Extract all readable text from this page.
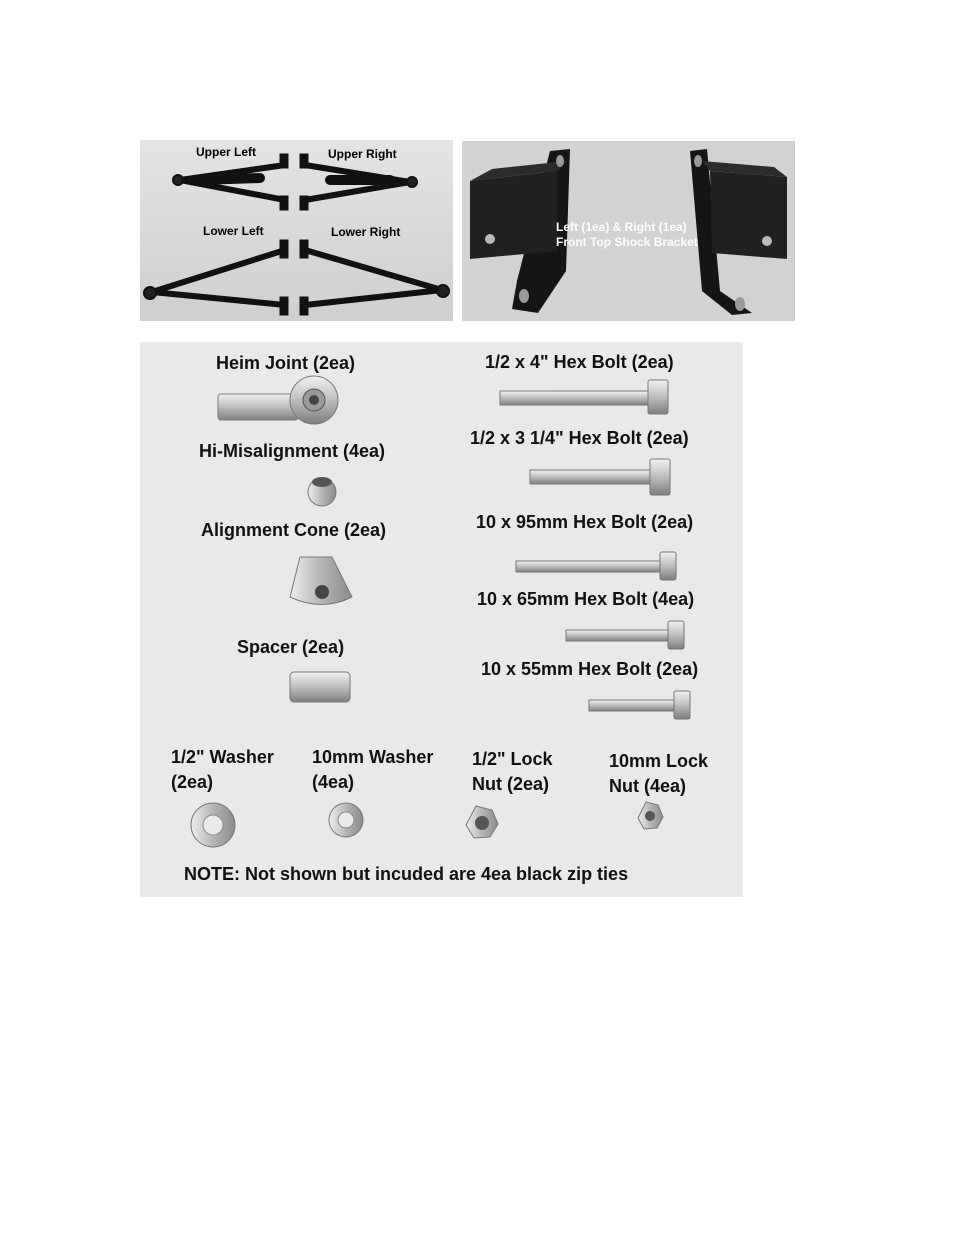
Upper Left	Upper Right
Lower Left	Lower Right	Left (1ea) & Right (1ea)
Front Top Shock Bracket
Heim Joint (2ea)
Hi-Misalignment (4ea)
Alignment Cone (2ea)
Spacer (2ea)
1/2 x 4" Hex Bolt (2ea)
1/2 x 3 1/4" Hex Bolt (2ea)
10 x 95mm Hex Bolt (2ea)
10 x 65mm Hex Bolt (4ea)
10 x 55mm Hex Bolt (2ea)
1/2" Washer
(2ea)
10mm Washer
(4ea)
1/2" Lock
Nut (2ea)
10mm Lock
Nut (4ea)
NOTE: Not shown but incuded are 4ea black zip ties
